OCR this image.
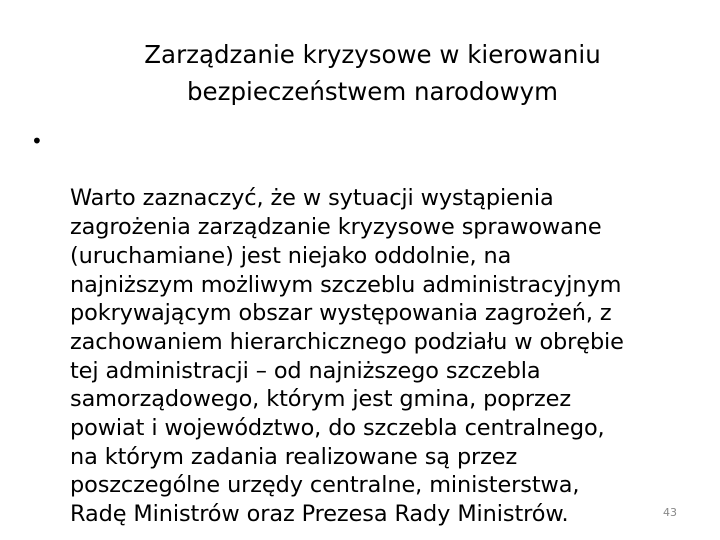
Zarządzanie kryzysowe w kierowaniu
bezpieczeństwem narodowym

•

Warto zaznaczyć, że w sytuacji wystąpienia
zagrożenia zarządzanie kryzysowe sprawowane
(uruchamiane) jest niejako oddolnie, na
najniższym możliwym szczeblu administracyjnym
pokrywającym obszar występowania zagrożeń, z
zachowaniem hierarchicznego podziału w obrębie
tej administracji – od najniższego szczebla
samorządowego, którym jest gmina, poprzez
powiat i województwo, do szczebla centralnego,
na którym zadania realizowane są przez
poszczególne urzędy centralne, ministerstwa,
Radę Ministrów oraz Prezesa Rady Ministrów.	43
